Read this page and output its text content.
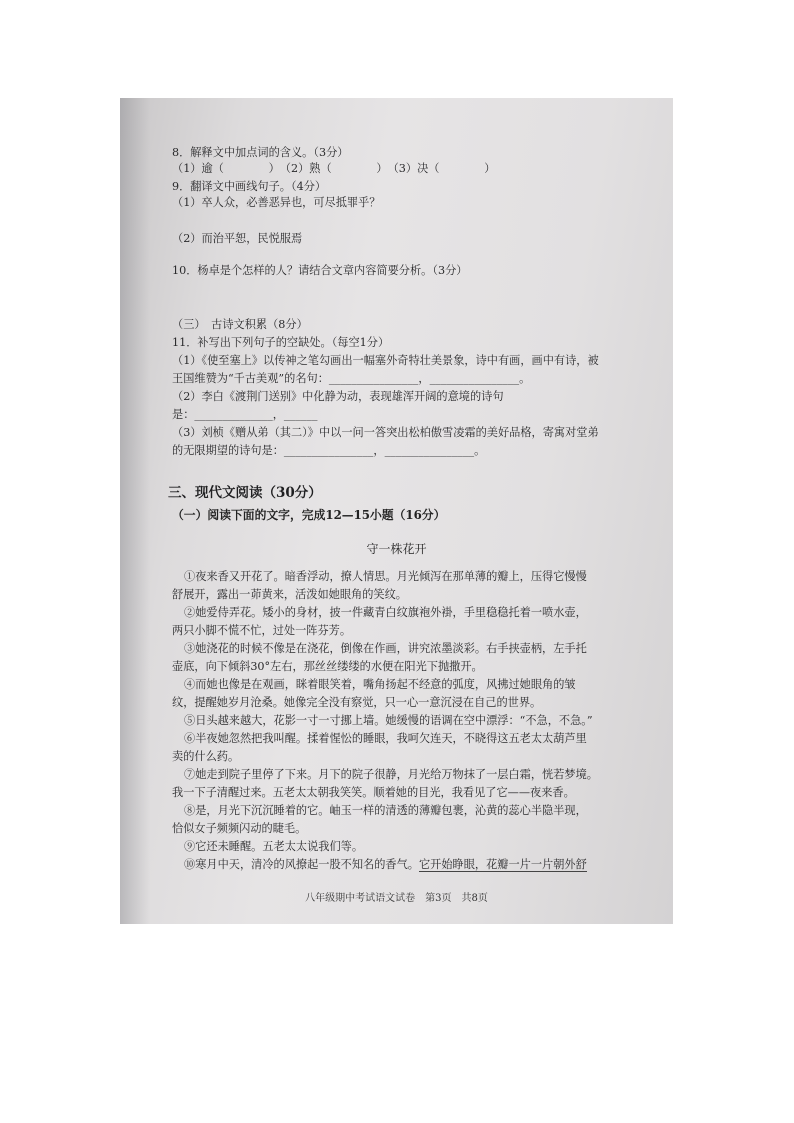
8．解释文中加点词的含义。（3分）
（1）逾（　　　　）　（2）熟（　　　　）　（3）决（　　　　）
9．翻译文中画线句子。（4分）
（1）卒人众，必善恶异也，可尽抵罪乎？
（2）而治平恕，民悦服焉
10．杨卓是个怎样的人？请结合文章内容简要分析。（3分）
（三）　古诗文积累（8分）
11．补写出下列句子的空缺处。（每空1分）
（1）《使至塞上》以传神之笔勾画出一幅塞外奇特壮美景象，诗中有画，画中有诗，被
王国维赞为“千古美观”的名句：________________，________________。
（2）李白《渡荆门送别》中化静为动，表现雄浑开阔的意境的诗句
是：______________，______
（3）刘桢《赠从弟（其二）》中以一问一答突出松柏傲雪凌霜的美好品格，寄寓对堂弟
的无限期望的诗句是：________________，________________。
三、现代文阅读（30分）
（一）阅读下面的文字，完成12—15小题（16分）
守一株花开
①夜来香又开花了。暗香浮动，撩人情思。月光倾泻在那单薄的瓣上，压得它慢慢
舒展开，露出一茆黄来，活泼如她眼角的笑纹。
②她爱侍弄花。矮小的身材，披一件藏青白纹旗袍外褂，手里稳稳托着一喷水壶，
两只小脚不慌不忙，过处一阵芬芳。
③她浇花的时候不像是在浇花，倒像在作画，讲究浓墨淡彩。右手挟壶柄，左手托
壶底，向下倾斜30°左右，那丝丝缕缕的水便在阳光下抛撒开。
④而她也像是在观画，眯着眼笑着，嘴角扬起不经意的弧度，风拂过她眼角的皱
纹，提醒她岁月沧桑。她像完全没有察觉，只一心一意沉浸在自己的世界。
⑤日头越来越大，花影一寸一寸挪上墙。她缓慢的语调在空中漂浮：“不急，不急。”
⑥半夜她忽然把我叫醒。揉着惺忪的睡眼，我呵欠连天，不晓得这五老太太葫芦里
卖的什么药。
⑦她走到院子里停了下来。月下的院子很静，月光给万物抹了一层白霜，恍若梦境。
我一下子清醒过来。五老太太朝我笑笑。顺着她的目光，我看见了它——夜来香。
⑧是，月光下沉沉睡着的它。岫玉一样的清透的薄瓣包裹，沁黄的蕊心半隐半现，
恰似女子频频闪动的睫毛。
⑨它还未睡醒。五老太太说我们等。
⑩寒月中天，清冷的风撩起一股不知名的香气。它开始睁眼，花瓣一片一片朝外舒
八年级期中考试语文试卷　第3页　共8页
